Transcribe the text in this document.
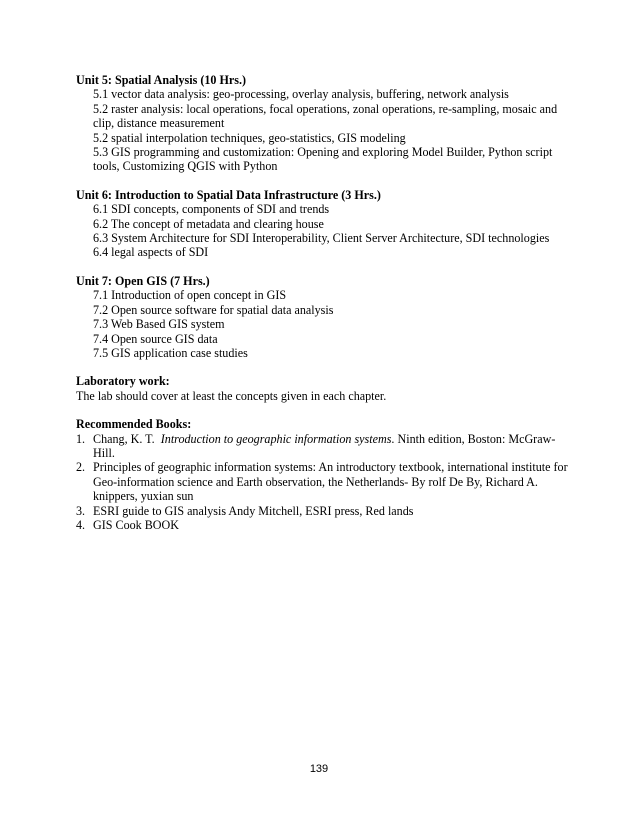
Unit 5: Spatial Analysis (10 Hrs.)

5.1 vector data analysis: geo-processing, overlay analysis, buffering, network analysis

5.2 raster analysis: local operations, focal operations, zonal operations, re-sampling, mosaic and clip, distance measurement

5.2 spatial interpolation techniques, geo-statistics, GIS modeling

5.3 GIS programming and customization: Opening and exploring Model Builder, Python script tools, Customizing QGIS with Python

Unit 6: Introduction to Spatial Data Infrastructure (3 Hrs.)

6.1 SDI concepts, components of SDI and trends

6.2 The concept of metadata and clearing house

6.3 System Architecture for SDI Interoperability, Client Server Architecture, SDI technologies

6.4 legal aspects of SDI

Unit 7: Open GIS (7 Hrs.)

7.1 Introduction of open concept in GIS

7.2 Open source software for spatial data analysis

7.3 Web Based GIS system

7.4 Open source GIS data

7.5 GIS application case studies

Laboratory work:

The lab should cover at least the concepts given in each chapter.

Recommended Books:

1. Chang, K. T. Introduction to geographic information systems. Ninth edition, Boston: McGraw-Hill.
2. Principles of geographic information systems: An introductory textbook, international institute for Geo-information science and Earth observation, the Netherlands- By rolf De By, Richard A. knippers, yuxian sun
3. ESRI guide to GIS analysis Andy Mitchell, ESRI press, Red lands
4. GIS Cook BOOK
139
